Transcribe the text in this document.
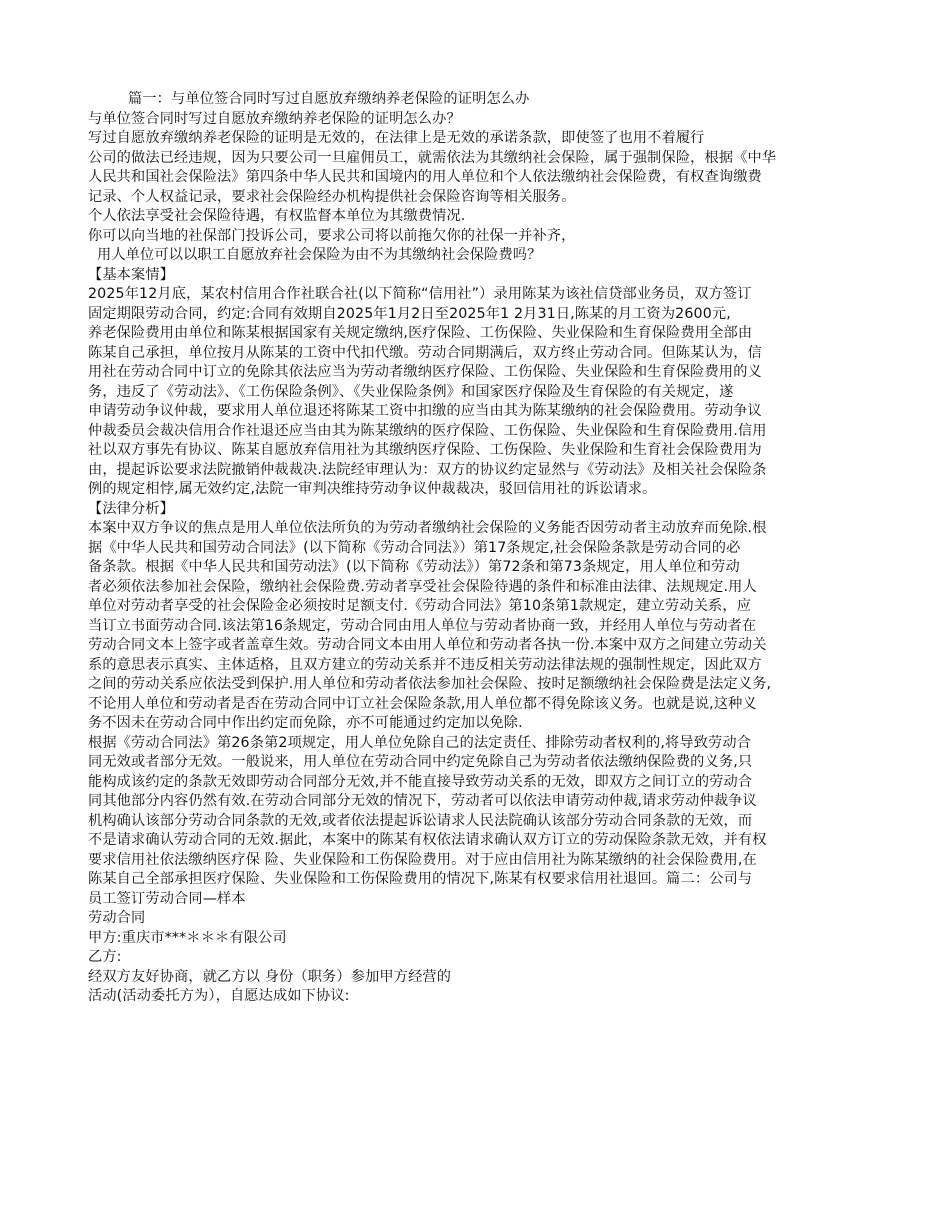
篇一：与单位签合同时写过自愿放弃缴纳养老保险的证明怎么办
与单位签合同时写过自愿放弃缴纳养老保险的证明怎么办？
写过自愿放弃缴纳养老保险的证明是无效的，在法律上是无效的承诺条款，即使签了也用不着履行
公司的做法已经违规，因为只要公司一旦雇佣员工，就需依法为其缴纳社会保险，属于强制保险，根据《中华
人民共和国社会保险法》第四条中华人民共和国境内的用人单位和个人依法缴纳社会保险费，有权查询缴费
记录、个人权益记录，要求社会保险经办机构提供社会保险咨询等相关服务。
个人依法享受社会保险待遇，有权监督本单位为其缴费情况.
你可以向当地的社保部门投诉公司，要求公司将以前拖欠你的社保一并补齐，
用人单位可以以职工自愿放弃社会保险为由不为其缴纳社会保险费吗？
【基本案情】
2025年12月底，某农村信用合作社联合社(以下简称“信用社”）录用陈某为该社信贷部业务员，双方签订
固定期限劳动合同，约定:合同有效期自2025年1月2日至2025年1 2月31日,陈某的月工资为2600元,
养老保险费用由单位和陈某根据国家有关规定缴纳,医疗保险、工伤保险、失业保险和生育保险费用全部由
陈某自己承担，单位按月从陈某的工资中代扣代缴。劳动合同期满后，双方终止劳动合同。但陈某认为，信
用社在劳动合同中订立的免除其依法应当为劳动者缴纳医疗保险、工伤保险、失业保险和生育保险费用的义
务，违反了《劳动法》、《工伤保险条例》、《失业保险条例》和国家医疗保险及生育保险的有关规定，遂
申请劳动争议仲裁，要求用人单位退还将陈某工资中扣缴的应当由其为陈某缴纳的社会保险费用。劳动争议
仲裁委员会裁决信用合作社退还应当由其为陈某缴纳的医疗保险、工伤保险、失业保险和生育保险费用.信用
社以双方事先有协议、陈某自愿放弃信用社为其缴纳医疗保险、工伤保险、失业保险和生育社会保险费用为
由，提起诉讼要求法院撤销仲裁裁决.法院经审理认为：双方的协议约定显然与《劳动法》及相关社会保险条
例的规定相悖,属无效约定,法院一审判决维持劳动争议仲裁裁决，驳回信用社的诉讼请求。
【法律分析】
本案中双方争议的焦点是用人单位依法所负的为劳动者缴纳社会保险的义务能否因劳动者主动放弃而免除.根
据《中华人民共和国劳动合同法》(以下简称《劳动合同法》）第17条规定,社会保险条款是劳动合同的必
备条款。根据《中华人民共和国劳动法》(以下简称《劳动法》）第72条和第73条规定，用人单位和劳动
者必须依法参加社会保险，缴纳社会保险费.劳动者享受社会保险待遇的条件和标准由法律、法规规定.用人
单位对劳动者享受的社会保险金必须按时足额支付.《劳动合同法》第10条第1款规定，建立劳动关系，应
当订立书面劳动合同.该法第16条规定，劳动合同由用人单位与劳动者协商一致，并经用人单位与劳动者在
劳动合同文本上签字或者盖章生效。劳动合同文本由用人单位和劳动者各执一份.本案中双方之间建立劳动关
系的意思表示真实、主体适格，且双方建立的劳动关系并不违反相关劳动法律法规的强制性规定，因此双方
之间的劳动关系应依法受到保护.用人单位和劳动者依法参加社会保险、按时足额缴纳社会保险费是法定义务,
不论用人单位和劳动者是否在劳动合同中订立社会保险条款,用人单位都不得免除该义务。也就是说,这种义
务不因未在劳动合同中作出约定而免除，亦不可能通过约定加以免除.
根据《劳动合同法》第26条第2项规定，用人单位免除自己的法定责任、排除劳动者权利的,将导致劳动合
同无效或者部分无效。一般说来，用人单位在劳动合同中约定免除自己为劳动者依法缴纳保险费的义务,只
能构成该约定的条款无效即劳动合同部分无效,并不能直接导致劳动关系的无效，即双方之间订立的劳动合
同其他部分内容仍然有效.在劳动合同部分无效的情况下，劳动者可以依法申请劳动仲裁,请求劳动仲裁争议
机构确认该部分劳动合同条款的无效,或者依法提起诉讼请求人民法院确认该部分劳动合同条款的无效，而
不是请求确认劳动合同的无效.据此，本案中的陈某有权依法请求确认双方订立的劳动保险条款无效，并有权
要求信用社依法缴纳医疗保 险、失业保险和工伤保险费用。对于应由信用社为陈某缴纳的社会保险费用,在
陈某自己全部承担医疗保险、失业保险和工伤保险费用的情况下,陈某有权要求信用社退回。篇二：公司与
员工签订劳动合同—样本
劳动合同
甲方:重庆市***＊＊＊有限公司
乙方:
经双方友好协商，就乙方以 身份（职务）参加甲方经营的
活动(活动委托方为），自愿达成如下协议:
